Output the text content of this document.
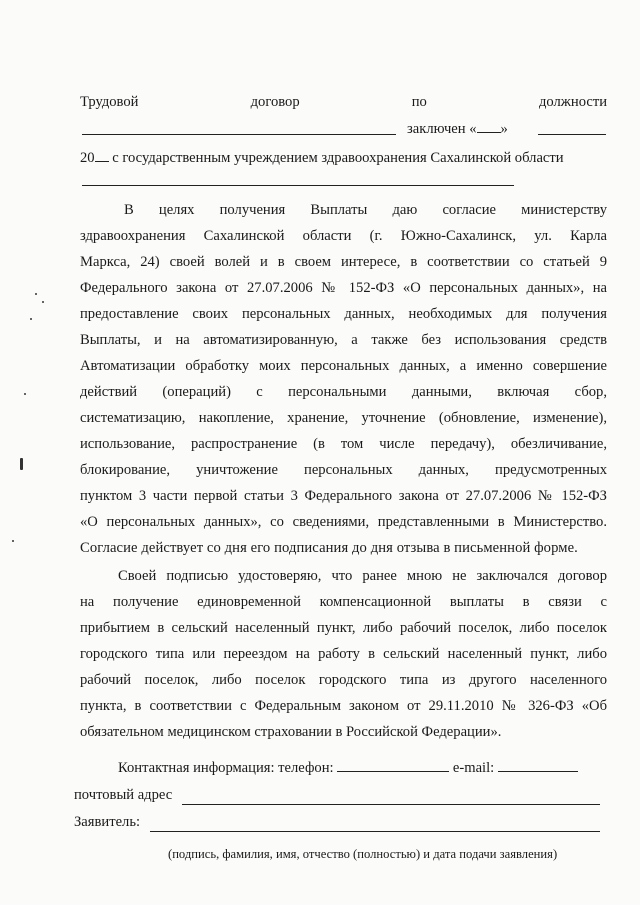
Трудовой	договор	по	должности
заключен « »
20 с государственным учреждением здравоохранения Сахалинской области
В целях получения Выплаты даю согласие министерству
здравоохранения Сахалинской области (г. Южно-Сахалинск, ул. Карла
Маркса, 24) своей волей и в своем интересе, в соответствии со статьей 9
Федерального закона от 27.07.2006 № 152-ФЗ «О персональных данных», на
предоставление своих персональных данных, необходимых для получения
Выплаты, и на автоматизированную, а также без использования средств
Автоматизации обработку моих персональных данных, а именно совершение
действий (операций) с персональными данными, включая сбор,
систематизацию, накопление, хранение, уточнение (обновление, изменение),
использование, распространение (в том числе передачу), обезличивание,
блокирование, уничтожение персональных данных, предусмотренных
пунктом 3 части первой статьи 3 Федерального закона от 27.07.2006 № 152-ФЗ
«О персональных данных», со сведениями, представленными в Министерство.
Согласие действует со дня его подписания до дня отзыва в письменной форме.
Своей подписью удостоверяю, что ранее мною не заключался договор
на получение единовременной компенсационной выплаты в связи с
прибытием в сельский населенный пункт, либо рабочий поселок, либо поселок
городского типа или переездом на работу в сельский населенный пункт, либо
рабочий поселок, либо поселок городского типа из другого населенного
пункта, в соответствии с Федеральным законом от 29.11.2010 № 326-ФЗ «Об
обязательном медицинском страховании в Российской Федерации».
Контактная информация: телефон:	e-mail:
почтовый адрес
Заявитель:
(подпись, фамилия, имя, отчество (полностью) и дата подачи заявления)
